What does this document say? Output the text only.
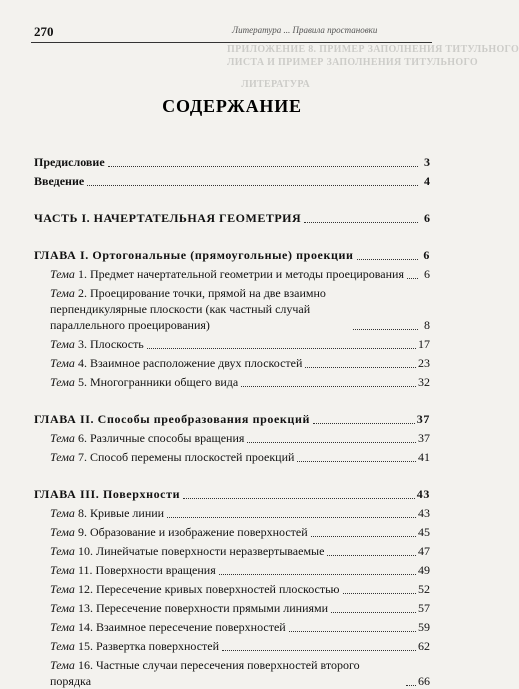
270	Литература ... Правила простановки
ПРИЛОЖЕНИЕ 8. ПРИМЕР ЗАПОЛНЕНИЯ ТИТУЛЬНОГО
ЛИСТА И ПРИМЕР ЗАПОЛНЕНИЯ ТИТУЛЬНОГО
ЛИТЕРАТУРА
СОДЕРЖАНИЕ
Предисловие	3
Введение	4
ЧАСТЬ I. НАЧЕРТАТЕЛЬНАЯ ГЕОМЕТРИЯ	6
ГЛАВА I. Ортогональные (прямоугольные) проекции	6
Тема 1. Предмет начертательной геометрии и методы проецирования	6
Тема 2. Проецирование точки, прямой на две взаимно перпендикулярные плоскости (как частный случай параллельного проецирования)	8
Тема 3. Плоскость	17
Тема 4. Взаимное расположение двух плоскостей	23
Тема 5. Многогранники общего вида	32
ГЛАВА II. Способы преобразования проекций	37
Тема 6. Различные способы вращения	37
Тема 7. Способ перемены плоскостей проекций	41
ГЛАВА III. Поверхности	43
Тема 8. Кривые линии	43
Тема 9. Образование и изображение поверхностей	45
Тема 10. Линейчатые поверхности неразвертываемые	47
Тема 11. Поверхности вращения	49
Тема 12. Пересечение кривых поверхностей плоскостью	52
Тема 13. Пересечение поверхности прямыми линиями	57
Тема 14. Взаимное пересечение поверхностей	59
Тема 15. Развертка поверхностей	62
Тема 16. Частные случаи пересечения поверхностей второго порядка	66
